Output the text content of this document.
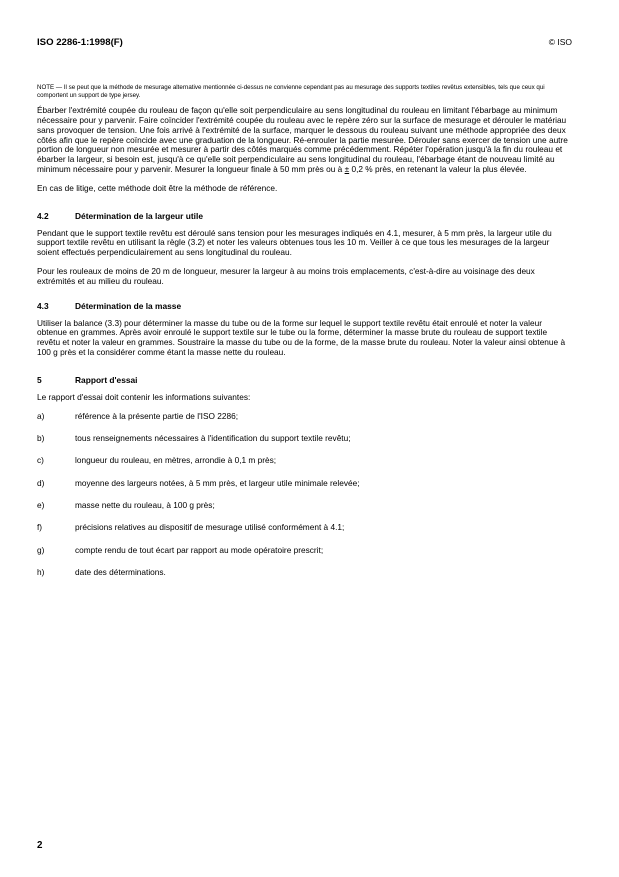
ISO 2286-1:1998(F)	© ISO
NOTE — Il se peut que la méthode de mesurage alternative mentionnée ci-dessus ne convienne cependant pas au mesurage des supports textiles revêtus extensibles, tels que ceux qui comportent un support de type jersey.

Ébarber l'extrémité coupée du rouleau de façon qu'elle soit perpendiculaire au sens longitudinal du rouleau en limitant l'ébarbage au minimum nécessaire pour y parvenir. Faire coïncider l'extrémité coupée du rouleau avec le repère zéro sur la surface de mesurage et dérouler le matériau sans provoquer de tension. Une fois arrivé à l'extrémité de la surface, marquer le dessous du rouleau suivant une méthode appropriée des deux côtés afin que le repère coïncide avec une graduation de la longueur. Ré-enrouler la partie mesurée. Dérouler sans exercer de tension une autre portion de longueur non mesurée et mesurer à partir des côtés marqués comme précédemment. Répéter l'opération jusqu'à la fin du rouleau et ébarber la largeur, si besoin est, jusqu'à ce qu'elle soit perpendiculaire au sens longitudinal du rouleau, l'ébarbage étant de nouveau limité au minimum nécessaire pour y parvenir. Mesurer la longueur finale à 50 mm près ou à ± 0,2 % près, en retenant la valeur la plus élevée.

En cas de litige, cette méthode doit être la méthode de référence.

4.2	Détermination de la largeur utile

Pendant que le support textile revêtu est déroulé sans tension pour les mesurages indiqués en 4.1, mesurer, à 5 mm près, la largeur utile du support textile revêtu en utilisant la règle (3.2) et noter les valeurs obtenues tous les 10 m. Veiller à ce que tous les mesurages de la largeur soient effectués perpendiculairement au sens longitudinal du rouleau.

Pour les rouleaux de moins de 20 m de longueur, mesurer la largeur à au moins trois emplacements, c'est-à-dire au voisinage des deux extrémités et au milieu du rouleau.

4.3	Détermination de la masse

Utiliser la balance (3.3) pour déterminer la masse du tube ou de la forme sur lequel le support textile revêtu était enroulé et noter la valeur obtenue en grammes. Après avoir enroulé le support textile sur le tube ou la forme, déterminer la masse brute du rouleau de support textile revêtu et noter la valeur en grammes. Soustraire la masse du tube ou de la forme, de la masse brute du rouleau. Noter la valeur ainsi obtenue à 100 g près et la considérer comme étant la masse nette du rouleau.

5	Rapport d'essai

Le rapport d'essai doit contenir les informations suivantes:

a)	référence à la présente partie de l'ISO 2286;
b)	tous renseignements nécessaires à l'identification du support textile revêtu;
c)	longueur du rouleau, en mètres, arrondie à 0,1 m près;
d)	moyenne des largeurs notées, à 5 mm près, et largeur utile minimale relevée;
e)	masse nette du rouleau, à 100 g près;
f)	précisions relatives au dispositif de mesurage utilisé conformément à 4.1;
g)	compte rendu de tout écart par rapport au mode opératoire prescrit;
h)	date des déterminations.
2
